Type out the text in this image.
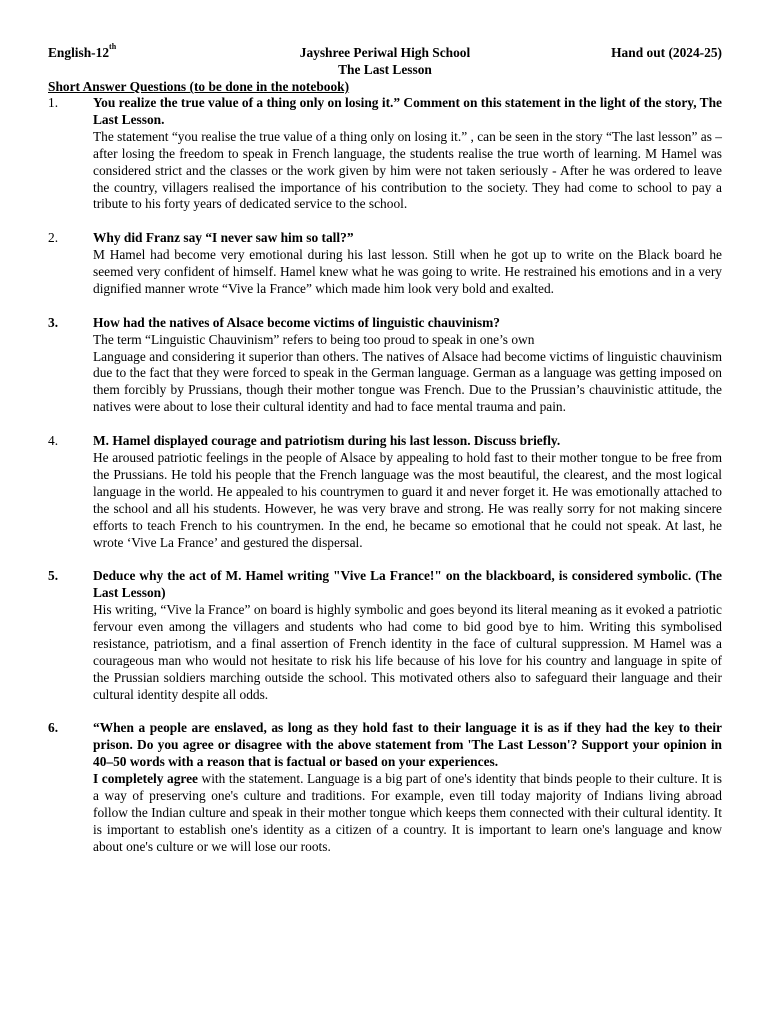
English-12th	Jayshree Periwal High School	Hand out (2024-25)
The Last Lesson
Short Answer Questions (to be done in the notebook)
1.	You realize the true value of a thing only on losing it.” Comment on this statement in the light of the story, The Last Lesson.
The statement “you realise the true value of a thing only on losing it.” , can be seen in the story “The last lesson” as – after losing the freedom to speak in French language, the students realise the true worth of learning. M Hamel was considered strict and the classes or the work given by him were not taken seriously - After he was ordered to leave the country, villagers realised the importance of his contribution to the society. They had come to school to pay a tribute to his forty years of dedicated service to the school.
2.	Why did Franz say “I never saw him so tall?”
M Hamel had become very emotional during his last lesson. Still when he got up to write on the Black board he seemed very confident of himself. Hamel knew what he was going to write. He restrained his emotions and in a very dignified manner wrote “Vive la France” which made him look very bold and exalted.
3.	How had the natives of Alsace become victims of linguistic chauvinism?
The term “Linguistic Chauvinism” refers to being too proud to speak in one’s own
Language and considering it superior than others. The natives of Alsace had become victims of linguistic chauvinism due to the fact that they were forced to speak in the German language. German as a language was getting imposed on them forcibly by Prussians, though their mother tongue was French. Due to the Prussian’s chauvinistic attitude, the natives were about to lose their cultural identity and had to face mental trauma and pain.
4.	M. Hamel displayed courage and patriotism during his last lesson. Discuss briefly.
He aroused patriotic feelings in the people of Alsace by appealing to hold fast to their mother tongue to be free from the Prussians. He told his people that the French language was the most beautiful, the clearest, and the most logical language in the world. He appealed to his countrymen to guard it and never forget it. He was emotionally attached to the school and all his students. However, he was very brave and strong. He was really sorry for not making sincere efforts to teach French to his countrymen. In the end, he became so emotional that he could not speak. At last, he wrote ‘Vive La France’ and gestured the dispersal.
5.	Deduce why the act of M. Hamel writing "Vive La France!" on the blackboard, is considered symbolic. (The Last Lesson)
His writing, “Vive la France” on board is highly symbolic and goes beyond its literal meaning as it evoked a patriotic fervour even among the villagers and students who had come to bid good bye to him. Writing this symbolised resistance, patriotism, and a final assertion of French identity in the face of cultural suppression. M Hamel was a courageous man who would not hesitate to risk his life because of his love for his country and language in spite of the Prussian soldiers marching outside the school. This motivated others also to safeguard their language and their cultural identity despite all odds.
6.	“When a people are enslaved, as long as they hold fast to their language it is as if they had the key to their prison. Do you agree or disagree with the above statement from 'The Last Lesson'? Support your opinion in 40–50 words with a reason that is factual or based on your experiences.
I completely agree with the statement. Language is a big part of one's identity that binds people to their culture. It is a way of preserving one's culture and traditions. For example, even till today majority of Indians living abroad follow the Indian culture and speak in their mother tongue which keeps them connected with their cultural identity. It is important to establish one's identity as a citizen of a country. It is important to learn one's language and know about one's culture or we will lose our roots.
